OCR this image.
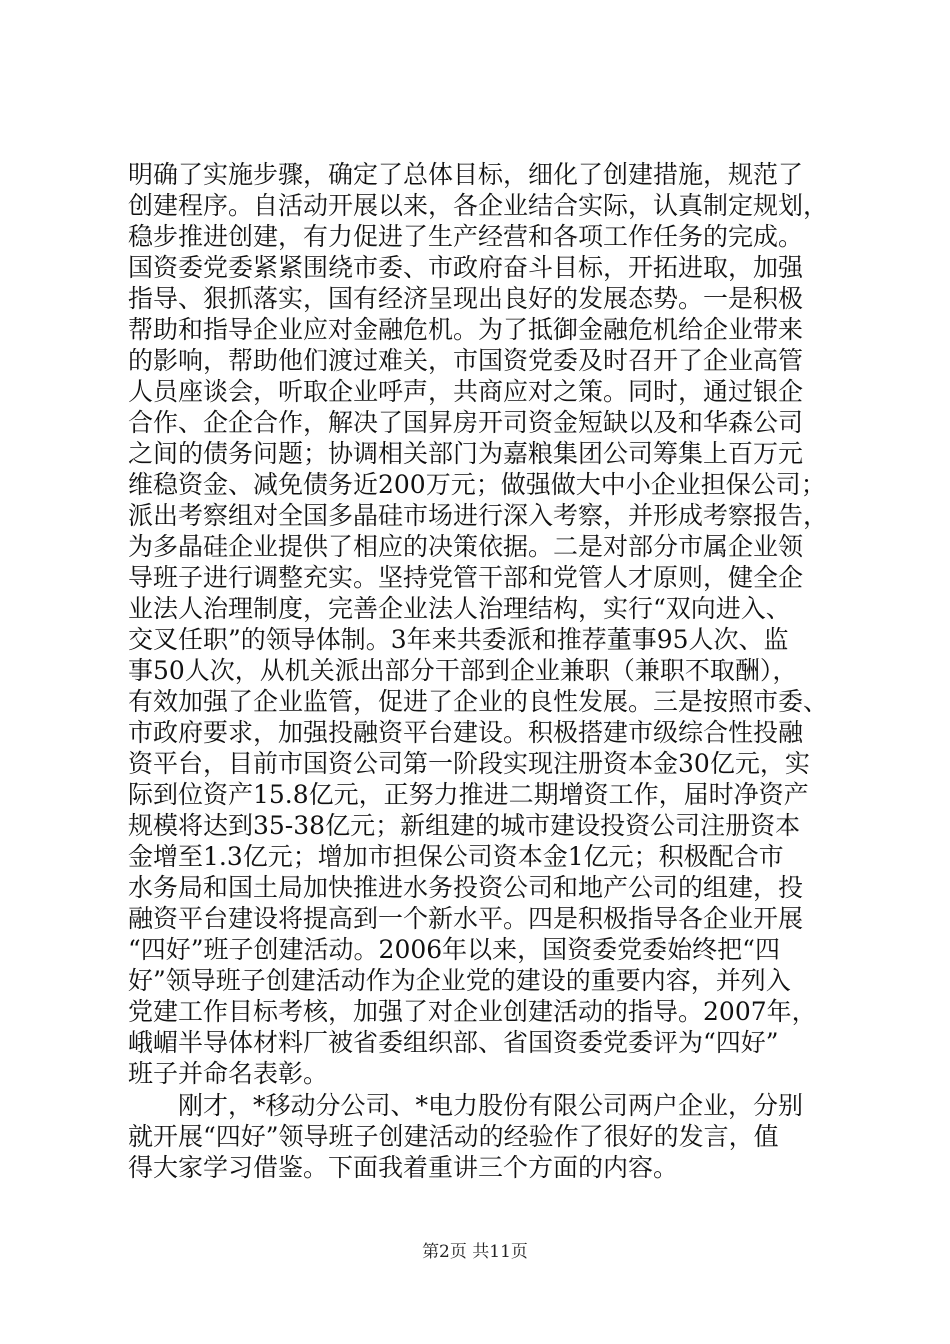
明确了实施步骤，确定了总体目标，细化了创建措施，规范了
创建程序。自活动开展以来，各企业结合实际，认真制定规划，
稳步推进创建，有力促进了生产经营和各项工作任务的完成。
国资委党委紧紧围绕市委、市政府奋斗目标，开拓进取，加强
指导、狠抓落实，国有经济呈现出良好的发展态势。一是积极
帮助和指导企业应对金融危机。为了抵御金融危机给企业带来
的影响，帮助他们渡过难关，市国资党委及时召开了企业高管
人员座谈会，听取企业呼声，共商应对之策。同时，通过银企
合作、企企合作，解决了国昇房开司资金短缺以及和华森公司
之间的债务问题；协调相关部门为嘉粮集团公司筹集上百万元
维稳资金、减免债务近200万元；做强做大中小企业担保公司；
派出考察组对全国多晶硅市场进行深入考察，并形成考察报告，
为多晶硅企业提供了相应的决策依据。二是对部分市属企业领
导班子进行调整充实。坚持党管干部和党管人才原则，健全企
业法人治理制度，完善企业法人治理结构，实行“双向进入、
交叉任职”的领导体制。3年来共委派和推荐董事95人次、监
事50人次，从机关派出部分干部到企业兼职（兼职不取酬），
有效加强了企业监管，促进了企业的良性发展。三是按照市委、
市政府要求，加强投融资平台建设。积极搭建市级综合性投融
资平台，目前市国资公司第一阶段实现注册资本金30亿元，实
际到位资产15.8亿元，正努力推进二期增资工作，届时净资产
规模将达到35-38亿元；新组建的城市建设投资公司注册资本
金增至1.3亿元；增加市担保公司资本金1亿元；积极配合市
水务局和国土局加快推进水务投资公司和地产公司的组建，投
融资平台建设将提高到一个新水平。四是积极指导各企业开展
“四好”班子创建活动。2006年以来，国资委党委始终把“四
好”领导班子创建活动作为企业党的建设的重要内容，并列入
党建工作目标考核，加强了对企业创建活动的指导。2007年，
峨嵋半导体材料厂被省委组织部、省国资委党委评为“四好”
班子并命名表彰。
　　刚才，*移动分公司、*电力股份有限公司两户企业，分别
就开展“四好”领导班子创建活动的经验作了很好的发言，值
得大家学习借鉴。下面我着重讲三个方面的内容。
第2页 共11页
